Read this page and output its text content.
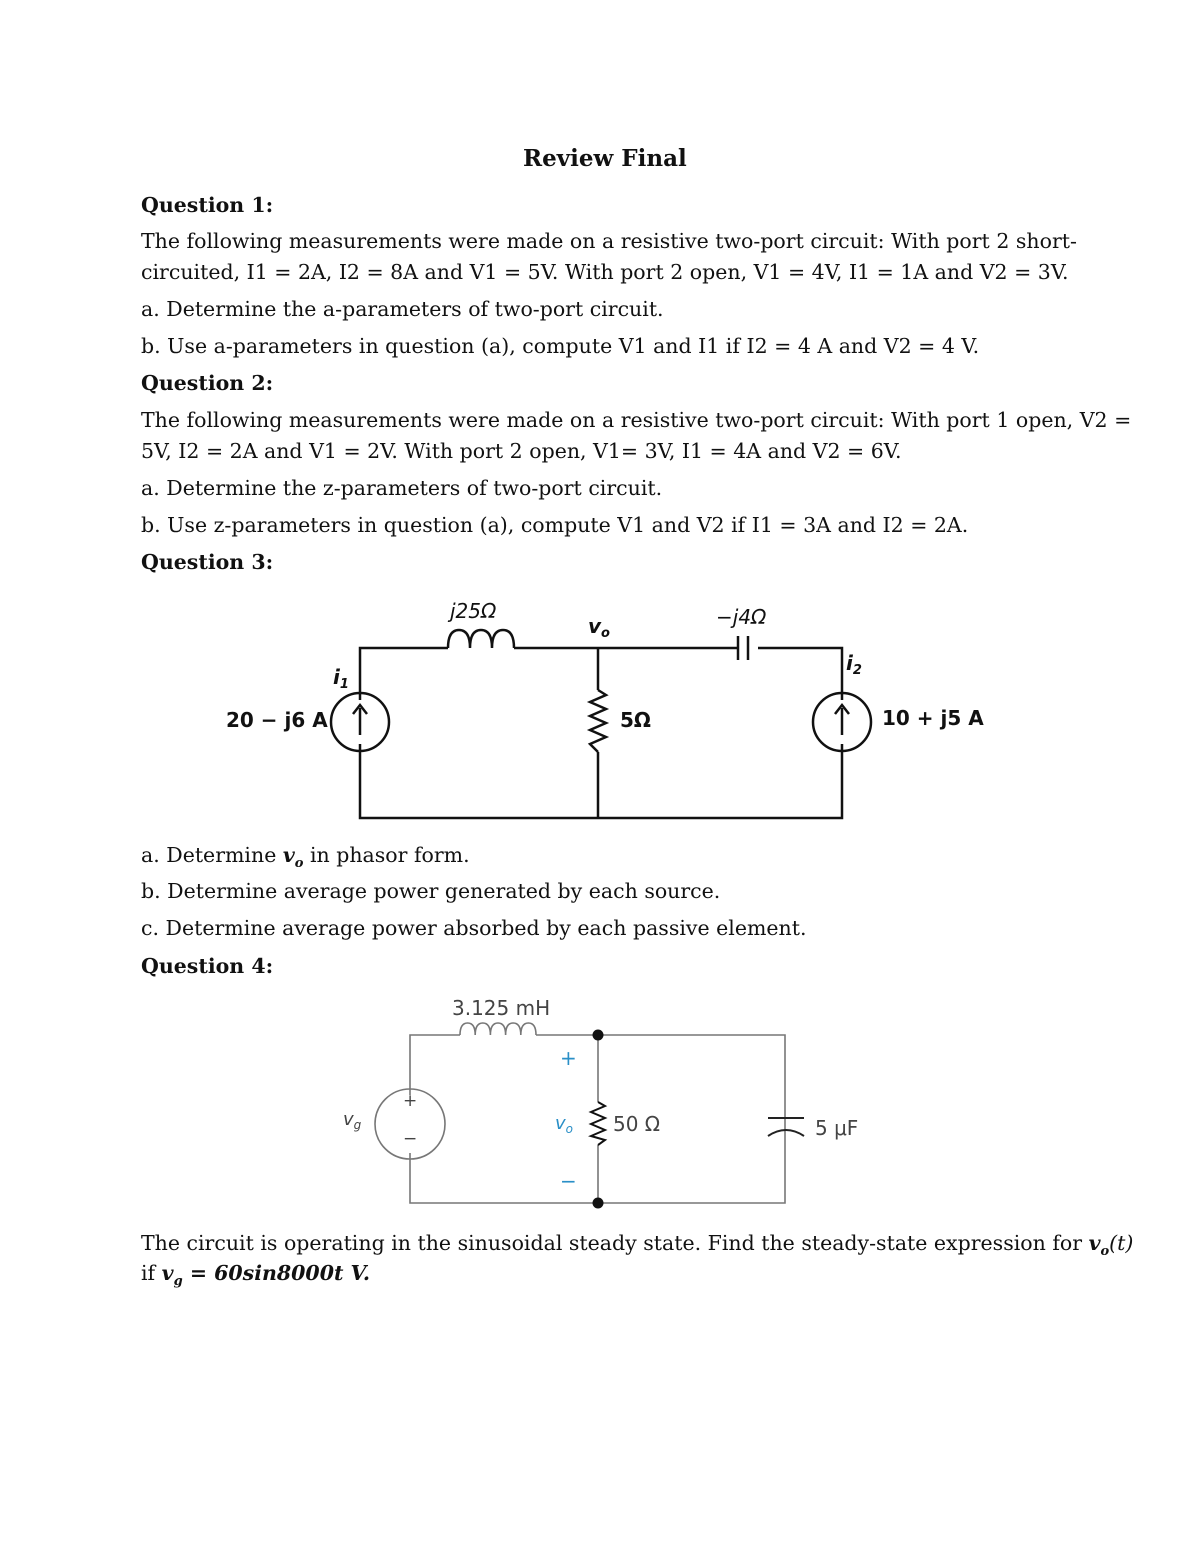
Review Final
Question 1:
The following measurements were made on a resistive two-port circuit: With port 2 short-
circuited, I1 = 2A, I2 = 8A and V1 = 5V. With port 2 open, V1 = 4V, I1 = 1A and V2 = 3V.
a. Determine the a-parameters of two-port circuit.
b. Use a-parameters in question (a), compute V1 and I1 if I2 = 4 A and V2 = 4 V.
Question 2:
The following measurements were made on a resistive two-port circuit: With port 1 open, V2 =
5V, I2 = 2A and V1 = 2V. With port 2 open, V1= 3V, I1 = 4A and V2 = 6V.
a. Determine the z-parameters of two-port circuit.
b. Use z-parameters in question (a), compute V1 and V2 if I1 = 3A and I2 = 2A.
Question 3:
j25Ω
$v_o$
−j4Ω
$i_1$
$i_2$
20 − j6 A	5Ω	10 + j5 A
3.125 mH
+
−
$v_o$
$v_g$	50 Ω	5 μF
+
−
a. Determine $v_o$ in phasor form.
b. Determine average power generated by each source.
c. Determine average power absorbed by each passive element.
Question 4:
The circuit is operating in the sinusoidal steady state. Find the steady-state expression for $v_o(t)$
if $v_g = 60\sin 8000t$ V.
